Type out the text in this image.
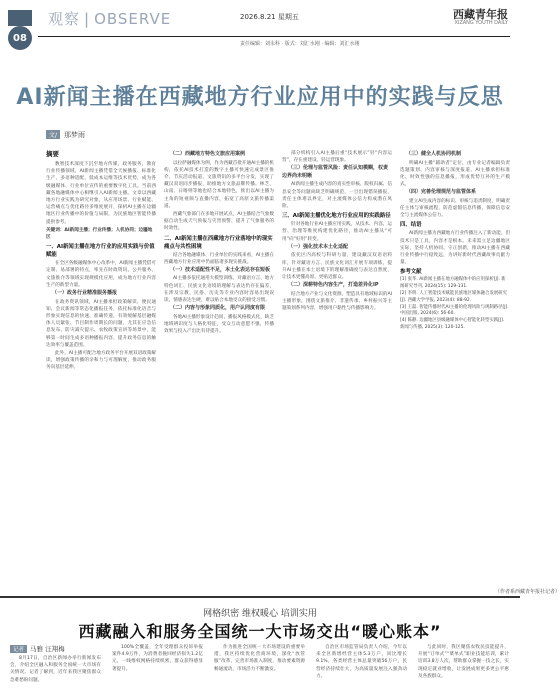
08
观察 | OBSERVE	2026.8.21 星期五	西藏青年报
XIZANG YOUTH DAILY
责任编辑：刘永科 · 版式：刘汇水刚 · 编辑：刘汇水刚
AI新闻主播在西藏地方行业应用中的实践与反思
文/ 那梦雨
摘要

数智技术深度下沉至地方传媒，政务服务、教育行业传播领域，AI新闻主播凭借全天候播报、标准化生产、多语种适配、低成本运维等技术优势，成为各级融媒体、行业单位宣传的重要数字化工具。当前西藏各地融媒体中心相继引入AI新闻主播。文章以西藏地方行业实践为研究对象，从应用场景、行业赋能、运营痛点与优化路径多维度展开，探析AI主播在边疆地区行业传播中的价值与局限，为民族地区智能传播提供参考。

关键词：AI新闻主播；行业传播；人机协同；边疆地区
一、AI新闻主播在地方行业的应用实践与价值赋能

在全区各级融媒体中心改革中，AI新闻主播凭借可定制、易部署的特点，率先在时政资讯、公共服务、文旅推介等领域实现规模化应用，成为地方行业内容生产的新型力量。

（一）政务行业精准服务播报

在政务资讯领域，AI主播承担政策解读、便民通知、会议新闻等常态化播报任务，依托标准化语音与形象实现信息的快速、准确传递，有效缓解基层融媒体人员紧张、节目制作周期长的问题，尤其在应急信息发布、防灾减灾提示、农牧政策宣讲等场景中，能够第一时间生成多语种播报内容，提升政务信息的触达效率与覆盖范围。

此外，AI主播可配合地方政务平台开展双语政策解读，增强政策传播的亲和力与可理解度，推动政务服务向基层延伸。

（二）西藏地方特色文旅应用案例

以拉萨融媒体为例，作为西藏首批开通AI主播的机构，依托AI技术打造的数字主播可快速完成景区推介、节庆活动报道、文旅资讯的多平台分发，实现了藏汉双语同步播报，助推地方文旅品牌传播。林芝、山南、日喀则等地也结合本地特色，推出以AI主播为主角的短视频与直播内容，拓宽了高原文旅传播渠道。

西藏气象部门在多地开展试点，AI主播结合气象数据自动生成天气预报与灾害预警，提升了气象服务的时效性。

二、AI新闻主播在西藏地方行业落地中的现实痛点与共性困境

结合各地融媒体、行业单位的实践来看，AI主播在西藏地方行业应用中仍面临诸多现实挑战。

（一）技术适配性不足，本土化表达存在短板

AI主播多依托通用大模型训练，对藏语方言、地方特色词汇、民族文化语境的理解与表达仍存在偏差，在涉及宗教、民俗、历史等专业内容时容易出现误读，情感表达生硬，难以贴合本地受众的接受习惯。

（二）内容与形象同质化，用户认同度有限

各地AI主播形象设计趋同，播报风格模式化，缺乏地域辨识度与人格化特征，受众互动意愿不强，传播效果与投入产出比有待提升。

部分机构引入AI主播后重“技术展示”轻“内容运营”，存在重建设、轻运营现象。

（三）伦理与监管风险：责任认知模糊，权责边界尚未明晰

AI新闻主播生成内容的真实性审核、版权归属、信息安全等问题尚缺乏明确规范，一旦出现错误播报，责任主体难以界定，对主流媒体公信力构成潜在风险。

三、AI新闻主播优化地方行业应用的实践路径

针对各地行业AI主播应用实践，从技术、内容、运营、治理等维度构建优化路径，推动AI主播从“可用”向“好用”转变。

（一）强化技术本土化适配

依托区内高校与科研力量，建设藏汉双语语料库，针对藏语方言、民族文化词汇开展专项训练，提升AI主播在本土语境下的理解准确度与表达自然度，让技术更懂高原、更贴近群众。

（二）深耕特色内容生产，打造差异化IP

结合地方产业与文化资源，塑造具有地域标识的AI主播形象，围绕文旅推介、非遗传承、乡村振兴等主题策划系列内容，增强用户黏性与传播影响力。

（三）健全人机协同机制

明确AI主播“辅助者”定位，由专业记者编辑负责选题策划、内容审核与深度报道，AI主播承担标准化、时效性强的信息播报，形成优势互补的生产模式。

（四）完善伦理规范与监管体系

建立AI生成内容的标识、审核与追责制度，明确责任主体与审核流程，防范虚假信息传播，保障信息安全与主流媒体公信力。

四、结语

AI新闻主播为西藏地方行业传播注入了新动能，但技术只是工具，内容才是根本。未来需立足边疆地区实际，坚持人机协同、守正创新，推动AI主播在西藏行业传播中行稳致远，为讲好新时代西藏故事贡献力量。

参考文献
[1] 张华. AI新闻主播在地方融媒体中的应用探析[J]. 新闻研究导刊, 2024(15): 129-131.
[2] 李明. 人工智能技术赋能民族地区媒体融合发展研究[J]. 西藏大学学报, 2023(4): 88-92.
[3] 王磊. 智能传播时代AI主播的伦理风险与规制路径[J]. 中国出版, 2024(6): 56-60.
[4] 陈静. 边疆地区县级融媒体中心智能化转型实践[J]. 新闻与传播, 2025(3): 120-125.
（作者系西藏青年报社记者）
网格织密 维权暖心 培训实用
西藏融入和服务全国统一大市场交出“暖心账本”
记者 马雅 汪翔梅

8月17日，自治区新闻办举行新闻发布会，介绍全区融入和服务全国统一大市场有关情况。记者了解到，近年来我区聚焦群众急难愁盼问题。

100%全覆盖，全年受理群众投诉举报案件4.9万件，为消费者挽回经济损失1.2亿元，一线维权网格持续织密，群众获得感显著提升。

作为推进全国统一大市场建设的重要举措，我区持续优化营商环境，深化“放管服”改革，完善市场准入制度，推动要素资源畅通流动，市场活力不断激发。

自治区市场监管局负责人介绍，今年以来全区新增经营主体5.3万户，同比增长9.1%，各类经营主体总量突破56万户，民营经济持续壮大，为高质量发展注入强劲动力。

与此同时，我区聚焦农牧民技能提升，开展“订单式”“菜单式”职业技能培训，累计培训3.8万人次，帮助群众掌握一技之长，实现稳定就业增收，让发展成果更多更公平惠及各族群众。
